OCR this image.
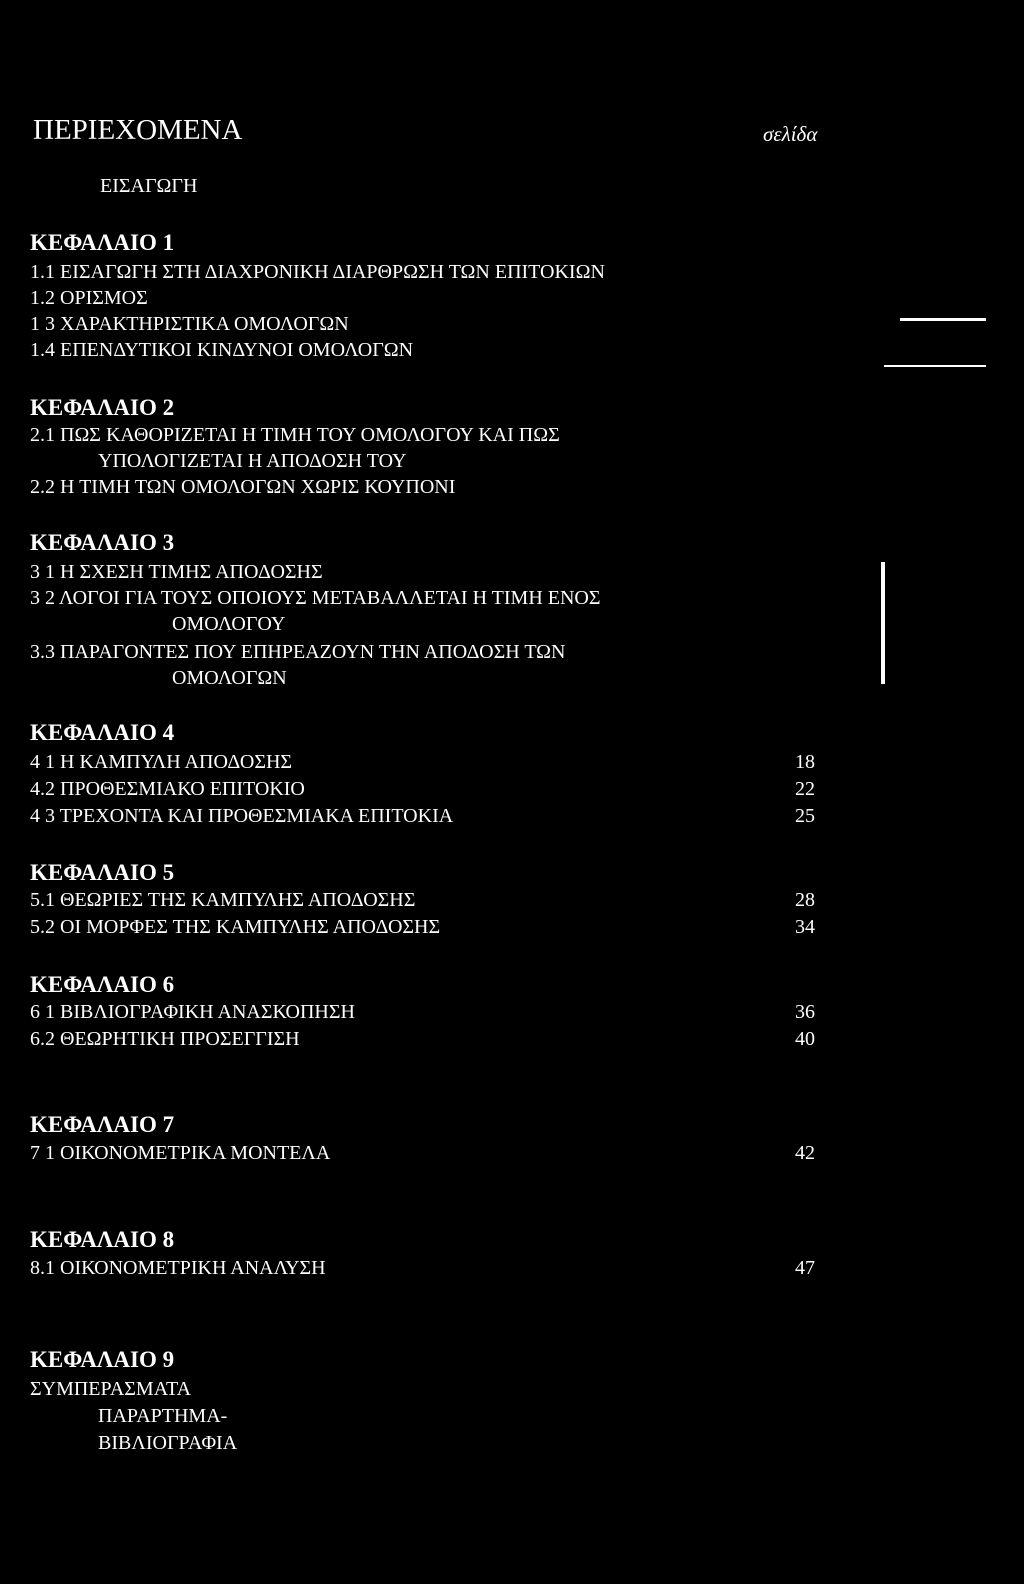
ΠΕΡΙΕΧΟΜΕΝΑ	σελίδα
ΕΙΣΑΓΩΓΗ
ΚΕΦΑΛΑΙΟ 1
1.1 ΕΙΣΑΓΩΓΗ ΣΤΗ ΔΙΑΧΡΟΝΙΚΗ ΔΙΑΡΘΡΩΣΗ ΤΩΝ ΕΠΙΤΟΚΙΩΝ
1.2 ΟΡΙΣΜΟΣ
1 3 ΧΑΡΑΚΤΗΡΙΣΤΙΚΑ ΟΜΟΛΟΓΩΝ
1.4 ΕΠΕΝΔΥΤΙΚΟΙ ΚΙΝΔΥΝΟΙ ΟΜΟΛΟΓΩΝ
ΚΕΦΑΛΑΙΟ 2
2.1 ΠΩΣ ΚΑΘΟΡΙΖΕΤΑΙ Η ΤΙΜΗ ΤΟΥ ΟΜΟΛΟΓΟΥ ΚΑΙ ΠΩΣ
ΥΠΟΛΟΓΙΖΕΤΑΙ Η ΑΠΟΔΟΣΗ ΤΟΥ
2.2 Η ΤΙΜΗ ΤΩΝ ΟΜΟΛΟΓΩΝ ΧΩΡΙΣ ΚΟΥΠΟΝΙ
ΚΕΦΑΛΑΙΟ 3
3 1 Η ΣΧΕΣΗ ΤΙΜΗΣ ΑΠΟΔΟΣΗΣ
3 2 ΛΟΓΟΙ ΓΙΑ ΤΟΥΣ ΟΠΟΙΟΥΣ ΜΕΤΑΒΑΛΛΕΤΑΙ Η ΤΙΜΗ ΕΝΟΣ
ΟΜΟΛΟΓΟΥ
3.3 ΠΑΡΑΓΟΝΤΕΣ ΠΟΥ ΕΠΗΡΕΑΖΟΥΝ ΤΗΝ ΑΠΟΔΟΣΗ ΤΩΝ
ΟΜΟΛΟΓΩΝ
ΚΕΦΑΛΑΙΟ 4
4 1 Η ΚΑΜΠΥΛΗ ΑΠΟΔΟΣΗΣ	18
4.2 ΠΡΟΘΕΣΜΙΑΚΟ ΕΠΙΤΟΚΙΟ	22
4 3 ΤΡΕΧΟΝΤΑ ΚΑΙ ΠΡΟΘΕΣΜΙΑΚΑ ΕΠΙΤΟΚΙΑ	25
ΚΕΦΑΛΑΙΟ 5
5.1 ΘΕΩΡΙΕΣ ΤΗΣ ΚΑΜΠΥΛΗΣ ΑΠΟΔΟΣΗΣ	28
5.2 ΟΙ ΜΟΡΦΕΣ ΤΗΣ ΚΑΜΠΥΛΗΣ ΑΠΟΔΟΣΗΣ	34
ΚΕΦΑΛΑΙΟ 6
6 1 ΒΙΒΛΙΟΓΡΑΦΙΚΗ ΑΝΑΣΚΟΠΗΣΗ	36
6.2 ΘΕΩΡΗΤΙΚΗ ΠΡΟΣΕΓΓΙΣΗ	40
ΚΕΦΑΛΑΙΟ 7
7 1 ΟΙΚΟΝΟΜΕΤΡΙΚΑ ΜΟΝΤΕΛΑ	42
ΚΕΦΑΛΑΙΟ 8
8.1 ΟΙΚΟΝΟΜΕΤΡΙΚΗ ΑΝΑΛΥΣΗ	47
ΚΕΦΑΛΑΙΟ 9
ΣΥΜΠΕΡΑΣΜΑΤΑ
ΠΑΡΑΡΤΗΜΑ-
ΒΙΒΛΙΟΓΡΑΦΙΑ
